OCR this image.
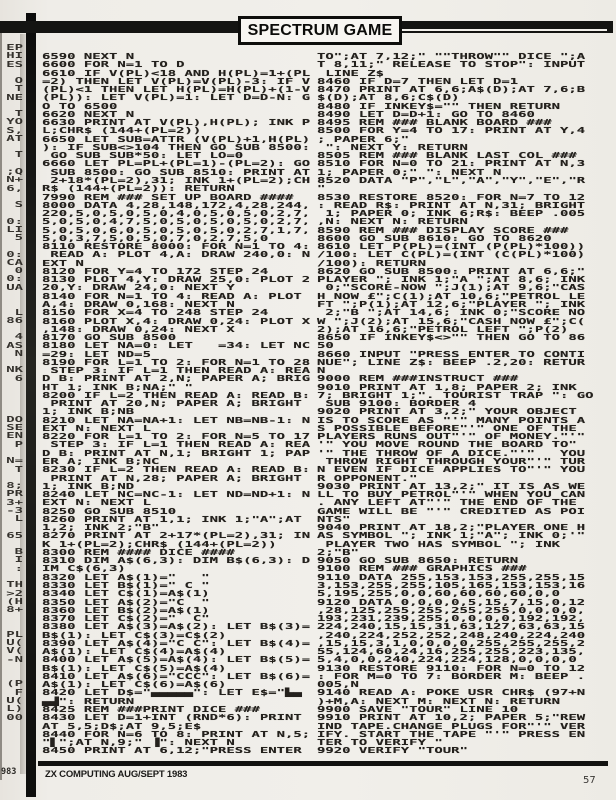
SPECTRUM GAME
EP
HI
ES
O
T
NE
T
YO
S,
AT
T
;Q
N+
6,
S
0:
LI
5
0:
CA
0
0:
UA
L
86
4
AS
N
NK
6
DO
SE
EN
P
N=
T
8;
PR
3+
-3
L
65
B
I
:
TH
>2
(H
8+
PL
U(
V(
-N
(P
F
U(
L)
00
6590 NEXT N
6600 FOR N=1 TO D
6610 IF V(PL)<18 AND H(PL)=1+(PL
=2) THEN LET V(PL)=V(PL)-3: IF V
(PL)<1 THEN LET H(PL)=H(PL)+(1-V
(PL)): LET V(PL)=1: LET D=D-N: G
O TO 6500
6620 NEXT N
6630 PRINT AT V(PL),H(PL); INK P
L;CHR$ (144+(PL=2))
6650 LET SUB=ATTR (V(PL)+1,H(PL)
): IF SUB<>104 THEN GO SUB 8500:
GO SUB SUB*50: LET LO=0
6660 LET PL=PL+(PL=1)-(PL=2): GO
SUB 8500: GO SUB 8510: PRINT AT
2+18*(PL=2),31; INK 1+(PL=2);CH
R$ (144+(PL=2)): RETURN
7990 REM ### SET UP BOARD ####
8000 DATA 4,28,148,172,4,28,244,
220,5,0,5,0,5,0,4,0,5,0,5,0,2,7,
5,0,5,0,4,7,5,0,5,0,5,0,5,0,2,7,
5,0,5,0,6,0,5,0,5,0,5,0,2,7,1,7,
5,0,3,7,5,0,5,0,7,0,2,7,5,0
8110 RESTORE 8000: FOR N=1 TO 4:
READ A: PLOT 4,A: DRAW 240,0: N
EXT N
8120 FOR Y=4 TO 172 STEP 24
8130 PLOT 4,Y: DRAW 25,0: PLOT 2
20,Y: DRAW 24,0: NEXT Y
8140 FOR N=1 TO 4: READ A: PLOT
A,4: DRAW 0,168: NEXT N
8150 FOR X=4 TO 248 STEP 24
8160 PLOT X,4: DRAW 0,24: PLOT X
,148: DRAW 0,24: NEXT X
8170 GO SUB 8500
8180 LET NA=0: LET   =34: LET NC
=29: LET ND=5
8190 FOR L=1 TO 2: FOR N=1 TO 28
STEP 3: IF L=1 THEN READ A: REA
D B: PRINT AT 2,N; PAPER A; BRIG
HT 1; INK B;NA;" "
8200 IF L=2 THEN READ A: READ B:
PRINT AT 20,N; PAPER A; BRIGHT
1; INK B;NB
8210 LET NA=NA+1: LET NB=NB-1: N
EXT N: NEXT L
8220 FOR L=1 TO 2: FOR N=5 TO 17
STEP 3: IF L=1 THEN READ A: REA
D B: PRINT AT N,1; BRIGHT 1; PAP
ER A; INK B;NC
8230 IF L=2 THEN READ A: READ B:
PRINT AT N,28; PAPER A; BRIGHT
1; INK B;ND
8240 LET NC=NC-1: LET ND=ND+1: N
EXT N: NEXT L
8250 GO SUB 8510
8260 PRINT AT 1,1; INK 1;"A";AT
1,2; INK 2;"B"
8270 PRINT AT 2+17*(PL=2),31; IN
K 1+(PL=2);CHR$ (144+(PL=2))
8300 REM #### DICE ####
8310 DIM A$(6,3): DIM B$(6,3): D
IM C$(6,3)
8320 LET A$(1)="   "
8330 LET B$(1)=" C "
8340 LET C$(1)=A$(1)
8350 LET A$(2)="C  "
8360 LET B$(2)=A$(1)
8370 LET C$(2)="  C"
8380 LET A$(3)=A$(2): LET B$(3)=
B$(1): LET C$(3)=C$(2)
8390 LET A$(4)="C C": LET B$(4)=
A$(1): LET C$(4)=A$(4)
8400 LET A$(5)=A$(4): LET B$(5)=
B$(1): LET C$(5)=A$(4)
8410 LET A$(6)="CCC": LET B$(6)=
A$(1): LET C$(6)=A$(6)
8420 LET D$="▄▄▄▄▄": LET E$="▙▄
▄▟": RETURN
8425 REM ###PRINT DICE ###
8430 LET D=1+INT (RND*6): PRINT
AT 5,5;D$;AT 9,5;E$
8440 FOR N=6 TO 8: PRINT AT N,5;
"▌";AT N,9;" ▐": NEXT N
8450 PRINT AT 6,12;"PRESS ENTER
TO";AT 7,12;" ""THROW"" DICE ";A
T 8,11;" RELEASE TO STOP": INPUT
LINE Z$
8460 IF D=7 THEN LET D=1
8470 PRINT AT 6,6;A$(D);AT 7,6;B
$(D);AT 8,6;C$(D)
8480 IF INKEY$="" THEN RETURN
8490 LET D=D+1: GO TO 8460
8495 REM ### BLANK BOARD ###
8500 FOR Y=4 TO 17: PRINT AT Y,4
; PAPER 6;"
": NEXT Y: RETURN
8505 REM ### BLANK LAST COL ###
8510 FOR N=0 TO 21: PRINT AT N,3
1; PAPER 0;" ": NEXT N
8520 DATA "P","L","A","Y","E","R
"
8530 RESTORE 8520: FOR N=7 TO 12
: READ R$: PRINT AT N,31; BRIGHT
1; PAPER 0; INK 6;R$: BEEP .005
,N: NEXT N: RETURN
8590 REM ### DISPLAY SCORE ###
8600 GO SUB 8610: GO TO 8620
8610 LET P(PL)=(INT (P(PL)*100))
/100: LET C(PL)=(INT (C(PL)*100)
/100): RETURN
8620 GO SUB 8500: PRINT AT 6,6;"
PLAYER "; INK 1;"A ";AT 8,6; INK
0;"SCORE-NOW ";J(1);AT 9,6;"CAS
H NOW £";C(1);AT 10,6;"PETROL LE
FT ";P(1);AT 12,6;"PLAYER "; INK
2;"B ";AT 14,6; INK 0;"SCORE NO
W ";J(2);AT 15,6;"CASH NOW £";C(
2);AT 16,6;"PETROL LEFT ";P(2)
8650 IF INKEY$<>"" THEN GO TO 86
50
8660 INPUT "PRESS ENTER TO CONTI
NUE"; LINE Z$: BEEP .2,20: RETUR
N
9000 REM ###INSTRUCT ###
9010 PRINT AT 1,8; PAPER 2; INK
7; BRIGHT 1;". TOURIST TRAP ": GO
SUB 9100: BORDER 4
9020 PRINT AT 3,2;" YOUR OBJECT
IS TO SCORE AS "'" MANY POINTS A
S POSSIBLE BEFORE"'" ONE OF THE
PLAYERS RUNS OUT"'" OF MONEY."'"
'" YOU MOVE ROUND THE BOARD TO"
'" THE THROW OF A DICE."'"   YOU
THROW RIGHT THROUGH YOUR"'" TUR
N EVEN IF DICE APPLIES TO"'" YOU
R OPPONENT."
9030 PRINT AT 13,2;" IT IS AS WE
LL TO BUY PETROL"'" WHEN YOU CAN
. ANY LEFT AT"'" THE END OF THE
GAME WILL BE "'" CREDITED AS POI
NTS"
9040 PRINT AT 18,2;"PLAYER ONE H
AS SYMBOL "; INK 1;"A"; INK 0;'"
PLAYER TWO HAS SYMBOL "; INK
2;"B"
9050 GO SUB 8650: RETURN
9100 REM ### GRAPHICS ###
9110 DATA 255,153,153,255,255,15
3,153,255,255,105,165,153,153,16
5,195,255,0,0,60,60,60,60,0,0
9120 DATA 0,0,0,0,5,15,7,15,0,12
,28,125,255,255,255,255,0,0,0,0,
193,231,239,255,0,0,0,0,192,192,
224,240,15,15,31,63,127,63,63,15
,240,224,252,252,248,240,224,240
,15,15,3,1,0,0,0,0,255,255,255,2
55,124,60,24,16,255,255,223,135,
5,4,0,0,240,224,224,128,0,0,0,0
9130 RESTORE 9110: FOR N=0 TO 12
: FOR M=0 TO 7: BORDER M: BEEP .
005,N
9140 READ A: POKE USR CHR$ (97+N
)+M,A: NEXT M: NEXT N: RETURN
9900 SAVE "TOUR" LINE 10
9910 PRINT AT 10,2; PAPER 5;"REW
IND TAPE.CHANGE PLUGS FOR"'" VER
IFY. START THE TAPE "'" PRESS EN
TER TO VERIFY "
9920 VERIFY "TOUR"
ZX COMPUTING AUG/SEPT 1983
57
983
